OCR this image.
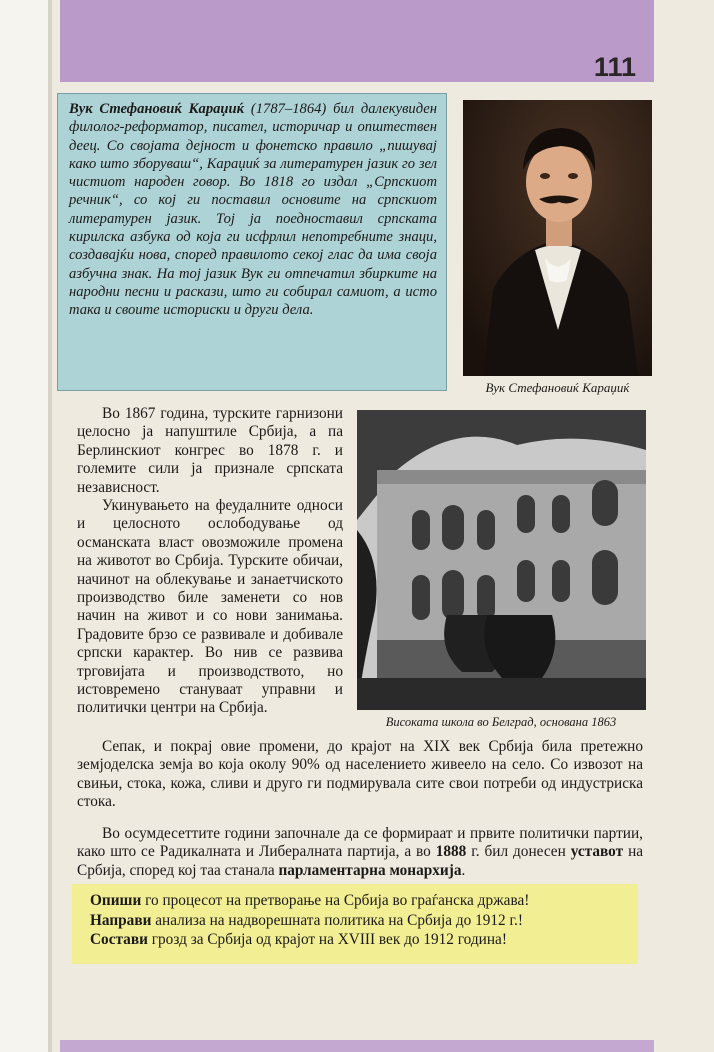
111
Вук Стефановиќ Караџиќ (1787–1864) бил далекувиден филолог-реформатор, писател, историчар и општествен деец. Со својата дејност и фонетско правило „пишувај како што зборуваш“, Караџиќ за литературен јазик го зел чистиот народен говор. Во 1818 го издал „Српскиот речник“, со кој ги поставил основите на српскиот литературен јазик. Тој ја поедноставил српската кирилска азбука од која ги исфрлил непотребните знаци, создавајќи нова, според правилото секој глас да има своја азбучна знак. На тој јазик Вук ги отпечатил збирките на народни песни и раскази, што ги собирал самиот, а исто така и своите историски и други дела.
Вук Стефановиќ Караџиќ
Високата школа во Белград, основана 1863

Во 1867 година, турските гарнизони целосно ја напуштиле Србија, а па Берлинскиот конгрес во 1878 г. и големите сили ја признале српската независност.

Укинувањето на феудалните односи и целосното ослободување од османската власт овозможиле промена на животот во Србија. Турските обичаи, начинот на облекување и занаетчиското производство биле заменети со нов начин на живот и со нови занимања. Градовите брзо се развивале и добивале српски карактер. Во нив се развива трговијата и производството, но истовремено стануваат управни и политички центри на Србија.

Сепак, и покрај овие промени, до крајот на XIX век Србија била претежно земјоделска земја во која околу 90% од населението живеело на село. Со извозот на свињи, стока, кожа, сливи и друго ги подмирувала сите свои потреби од индустриска стока.

Во осумдесеттите години започнале да се формираат и првите политички партии, како што се Радикалната и Либералната партија, а во 1888 г. бил донесен уставот на Србија, според кој таа станала парламентарна монархија.

Опиши го процесот на претворање на Србија во граѓанска држава!
Направи анализа на надворешната политика на Србија до 1912 г.!
Состави грозд за Србија од крајот на XVIII век до 1912 година!
